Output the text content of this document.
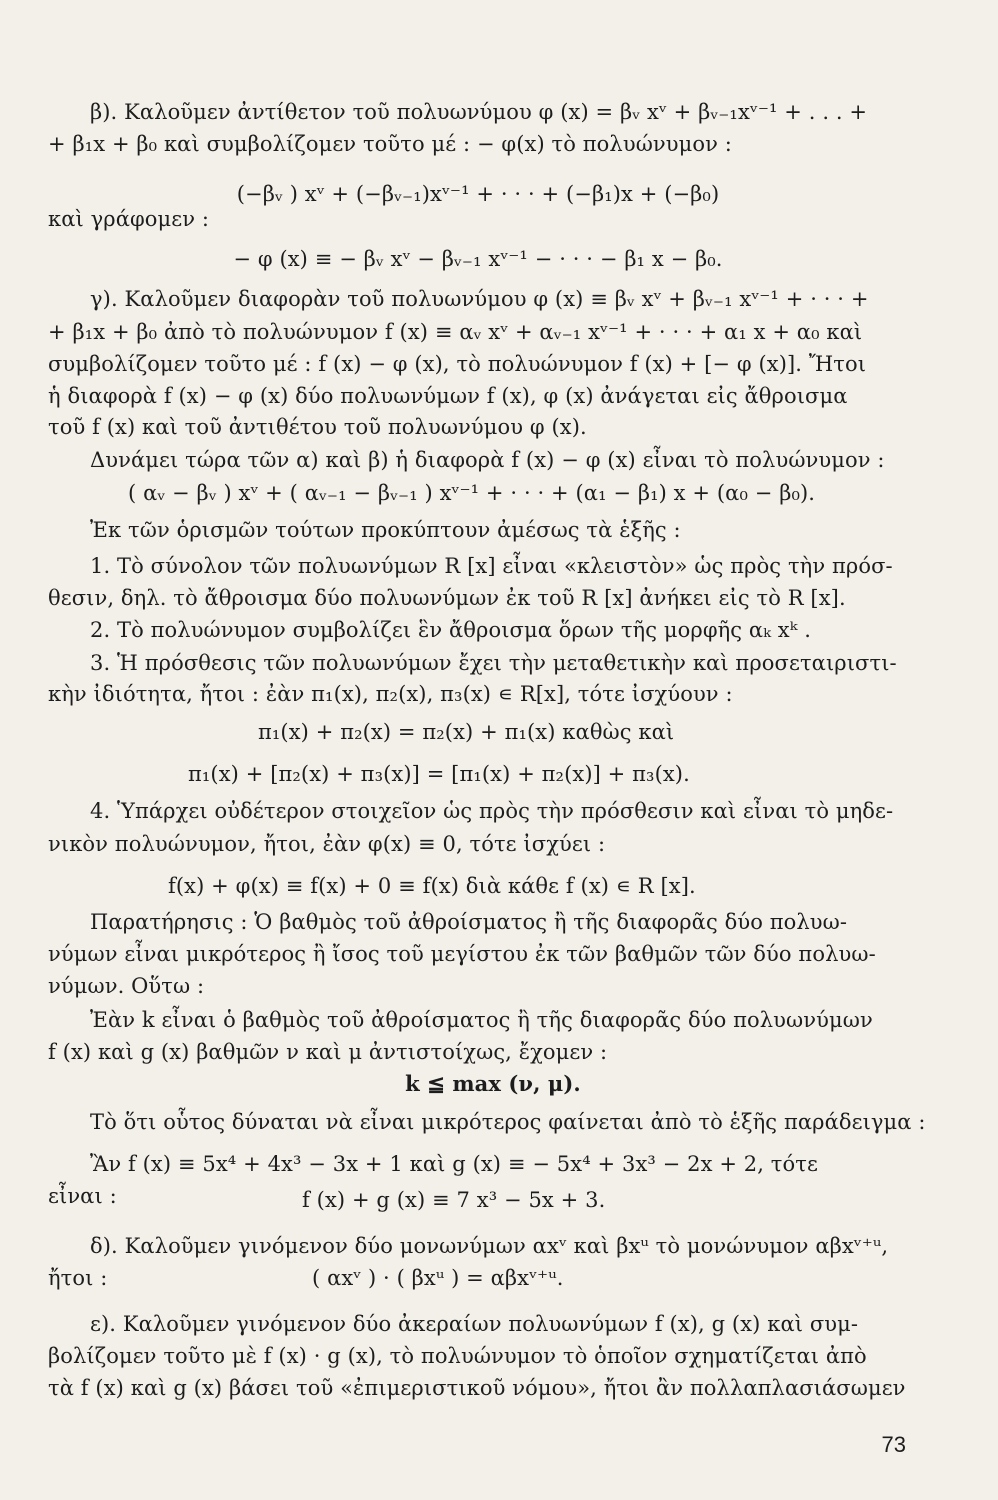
β). Καλοῦμεν ἀντίθετον τοῦ πολυωνύμου φ (x) = βᵥ xᵛ + βᵥ₋₁xᵛ⁻¹ + . . . +
+ β₁x + β₀ καὶ συμβολίζομεν τοῦτο μέ : − φ(x) τὸ πολυώνυμον :
(−βᵥ ) xᵛ + (−βᵥ₋₁)xᵛ⁻¹ + · · · + (−β₁)x + (−β₀)
καὶ γράφομεν :
− φ (x) ≡ − βᵥ xᵛ − βᵥ₋₁ xᵛ⁻¹ − · · · − β₁ x − β₀.
γ). Καλοῦμεν διαφορὰν τοῦ πολυωνύμου φ (x) ≡ βᵥ xᵛ + βᵥ₋₁ xᵛ⁻¹ + · · · +
+ β₁x + β₀ ἀπὸ τὸ πολυώνυμον f (x) ≡ αᵥ xᵛ + αᵥ₋₁ xᵛ⁻¹ + · · · + α₁ x + α₀ καὶ
συμβολίζομεν τοῦτο μέ : f (x) − φ (x), τὸ πολυώνυμον f (x) + [− φ (x)]. Ἤτοι
ἡ διαφορὰ f (x) − φ (x) δύο πολυωνύμων f (x), φ (x) ἀνάγεται εἰς ἄθροισμα
τοῦ f (x) καὶ τοῦ ἀντιθέτου τοῦ πολυωνύμου φ (x).
Δυνάμει τώρα τῶν α) καὶ β) ἡ διαφορὰ f (x) − φ (x) εἶναι τὸ πολυώνυμον :
( αᵥ − βᵥ ) xᵛ + ( αᵥ₋₁ − βᵥ₋₁ ) xᵛ⁻¹ + · · · + (α₁ − β₁) x + (α₀ − β₀).
Ἐκ τῶν ὁρισμῶν τούτων προκύπτουν ἀμέσως τὰ ἑξῆς :
1. Τὸ σύνολον τῶν πολυωνύμων R [x] εἶναι «κλειστὸν» ὡς πρὸς τὴν πρόσ-
θεσιν, δηλ. τὸ ἄθροισμα δύο πολυωνύμων ἐκ τοῦ R [x] ἀνήκει εἰς τὸ R [x].
2. Τὸ πολυώνυμον συμβολίζει ἓν ἄθροισμα ὅρων τῆς μορφῆς αₖ xᵏ .
3. Ἡ πρόσθεσις τῶν πολυωνύμων ἔχει τὴν μεταθετικὴν καὶ προσεταιριστι-
κὴν ἰδιότητα, ἤτοι : ἐὰν π₁(x), π₂(x), π₃(x) ∊ R[x], τότε ἰσχύουν :
π₁(x) + π₂(x) = π₂(x) + π₁(x) καθὼς καὶ
π₁(x) + [π₂(x) + π₃(x)] = [π₁(x) + π₂(x)] + π₃(x).
4. Ὑπάρχει οὐδέτερον στοιχεῖον ὡς πρὸς τὴν πρόσθεσιν καὶ εἶναι τὸ μηδε-
νικὸν πολυώνυμον, ἤτοι, ἐὰν φ(x) ≡ 0, τότε ἰσχύει :
f(x) + φ(x) ≡ f(x) + 0 ≡ f(x) διὰ κάθε f (x) ∊ R [x].
Παρατήρησις : Ὁ βαθμὸς τοῦ ἀθροίσματος ἢ τῆς διαφορᾶς δύο πολυω-
νύμων εἶναι μικρότερος ἢ ἴσος τοῦ μεγίστου ἐκ τῶν βαθμῶν τῶν δύο πολυω-
νύμων. Οὕτω :
Ἐὰν k εἶναι ὁ βαθμὸς τοῦ ἀθροίσματος ἢ τῆς διαφορᾶς δύο πολυωνύμων
f (x) καὶ g (x) βαθμῶν ν καὶ μ ἀντιστοίχως, ἔχομεν :
k ≦ max (ν, μ).
Τὸ ὅτι οὗτος δύναται νὰ εἶναι μικρότερος φαίνεται ἀπὸ τὸ ἑξῆς παράδειγμα :
Ἂν f (x) ≡ 5x⁴ + 4x³ − 3x + 1 καὶ g (x) ≡ − 5x⁴ + 3x³ − 2x + 2, τότε
εἶναι :	f (x) + g (x) ≡ 7 x³ − 5x + 3.
δ). Καλοῦμεν γινόμενον δύο μονωνύμων αxᵛ καὶ βxᵘ τὸ μονώνυμον αβxᵛ⁺ᵘ,
ἤτοι :	( αxᵛ ) · ( βxᵘ ) = αβxᵛ⁺ᵘ.
ε). Καλοῦμεν γινόμενον δύο ἀκεραίων πολυωνύμων f (x), g (x) καὶ συμ-
βολίζομεν τοῦτο μὲ f (x) · g (x), τὸ πολυώνυμον τὸ ὁποῖον σχηματίζεται ἀπὸ
τὰ f (x) καὶ g (x) βάσει τοῦ «ἐπιμεριστικοῦ νόμου», ἤτοι ἂν πολλαπλασιάσωμεν
73
